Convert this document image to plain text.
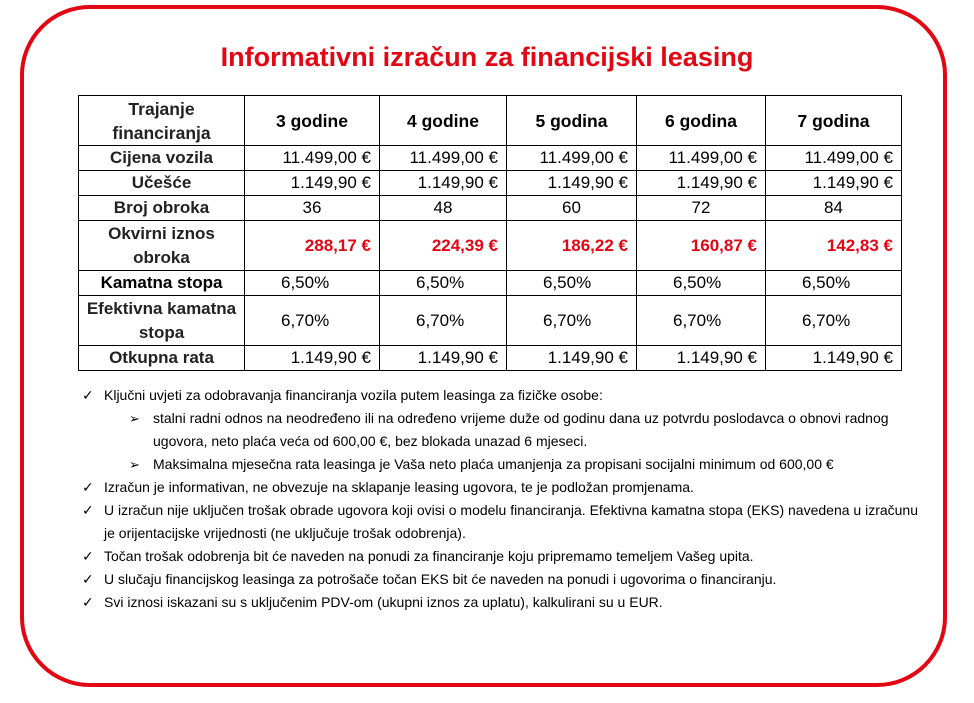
Informativni izračun za financijski leasing
Trajanje financiranja	3 godine	4 godine	5 godina	6 godina	7 godina
Cijena vozila	11.499,00 €	11.499,00 €	11.499,00 €	11.499,00 €	11.499,00 €
Učešće	1.149,90 €	1.149,90 €	1.149,90 €	1.149,90 €	1.149,90 €
Broj obroka	36	48	60	72	84
Okvirni iznos obroka	288,17 €	224,39 €	186,22 €	160,87 €	142,83 €
Kamatna stopa	6,50%	6,50%	6,50%	6,50%	6,50%
Efektivna kamatna stopa	6,70%	6,70%	6,70%	6,70%	6,70%
Otkupna rata	1.149,90 €	1.149,90 €	1.149,90 €	1.149,90 €	1.149,90 €
✓ Ključni uvjeti za odobravanja financiranja vozila putem leasinga za fizičke osobe:
➢ stalni radni odnos na neodređeno ili na određeno vrijeme duže od godinu dana uz potvrdu poslodavca o obnovi radnog ugovora, neto plaća veća od 600,00 €, bez blokada unazad 6 mjeseci.
➢ Maksimalna mjesečna rata leasinga je Vaša neto plaća umanjenja za propisani socijalni minimum od 600,00 €
✓ Izračun je informativan, ne obvezuje na sklapanje leasing ugovora, te je podložan promjenama.
✓ U izračun nije uključen trošak obrade ugovora koji ovisi o modelu financiranja. Efektivna kamatna stopa (EKS) navedena u izračunu je orijentacijske vrijednosti (ne uključuje trošak odobrenja).
✓ Točan trošak odobrenja bit će naveden na ponudi za financiranje koju pripremamo temeljem Vašeg upita.
✓ U slučaju financijskog leasinga za potrošače točan EKS bit će naveden na ponudi i ugovorima o financiranju.
✓ Svi iznosi iskazani su s uključenim PDV-om (ukupni iznos za uplatu), kalkulirani su u EUR.
